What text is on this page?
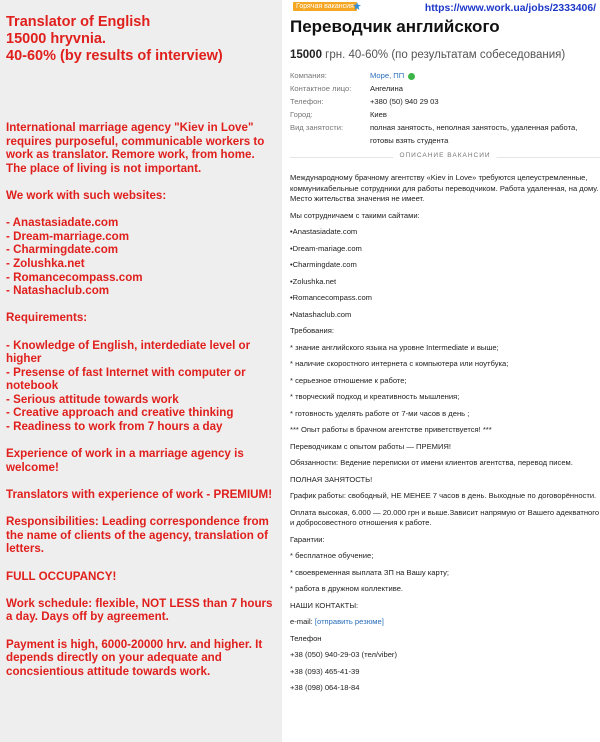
Translator of English
15000 hryvnia.
40-60% (by results of interview)

International marriage agency "Kiev in Love" requires purposeful, communicable workers to work as translator. Remore work, from home. The place of living is not important.

We work with such websites:

- Anastasiadate.com
- Dream-marriage.com
- Charmingdate.com
- Zolushka.net
- Romancecompass.com
- Natashaclub.com

Requirements:

- Knowledge of English, interdediate level or higher
- Presense of fast Internet with computer or notebook
- Serious attitude towards work
- Creative approach and creative thinking
- Readiness to work from 7 hours a day

Experience of work in a marriage agency is welcome!

Translators with experience of work - PREMIUM!

Responsibilities: Leading correspondence from the name of clients of the agency, translation of letters.

FULL OCCUPANCY!

Work schedule: flexible, NOT LESS than 7 hours a day. Days off by agreement.

Payment is high, 6000-20000 hrv. and higher. It depends directly on your adequate and concsientious attitude towards work.

Горячая вакансия	https://www.work.ua/jobs/2333406/
Переводчик английского
15000 грн. 40-60% (по результатам собеседования)
Компания:	Море, ПП
Контактное лицо:	Ангелина
Телефон:	+380 (50) 940 29 03
Город:	Киев
Вид занятости:	полная занятость, неполная занятость, удаленная работа, готовы взять студента
ОПИСАНИЕ ВАКАНСИИ
Международному брачному агентству «Kiev in Love» требуются целеустремленные, коммуникабельные сотрудники для работы переводчиком. Работа удаленная, на дому. Место жительства значения не имеет.
Мы сотрудничаем с такими сайтами:
•Anastasiadate.com
•Dream-mariage.com
•Charmingdate.com
•Zolushka.net
•Romancecompass.com
•Natashaclub.com
Требования:
* знание английского языка на уровне Intermediate и выше;
* наличие скоростного интернета с компьютера или ноутбука;
* серьезное отношение к работе;
* творческий подход и креативность мышления;
* готовность уделять работе от 7-ми часов в день ;
*** Опыт работы в брачном агентстве приветствуется! ***
Переводчикам с опытом работы — ПРЕМИЯ!
Обязанности: Ведение переписки от имени клиентов агентства, перевод писем.
ПОЛНАЯ ЗАНЯТОСТЬ!
График работы: свободный, НЕ МЕНЕЕ 7 часов в день. Выходные по договорённости.
Оплата высокая, 6.000 — 20.000 грн и выше.Зависит напрямую от Вашего адекватного и добросовестного отношения к работе.
Гарантии:
* бесплатное обучение;
* своевременная выплата ЗП на Вашу карту;
* работа в дружном коллективе.
НАШИ КОНТАКТЫ:
e-mail: [отправить резюме]
Телефон
+38 (050) 940-29-03 (тел/viber)
+38 (093) 465-41-39
+38 (098) 064-18-84
